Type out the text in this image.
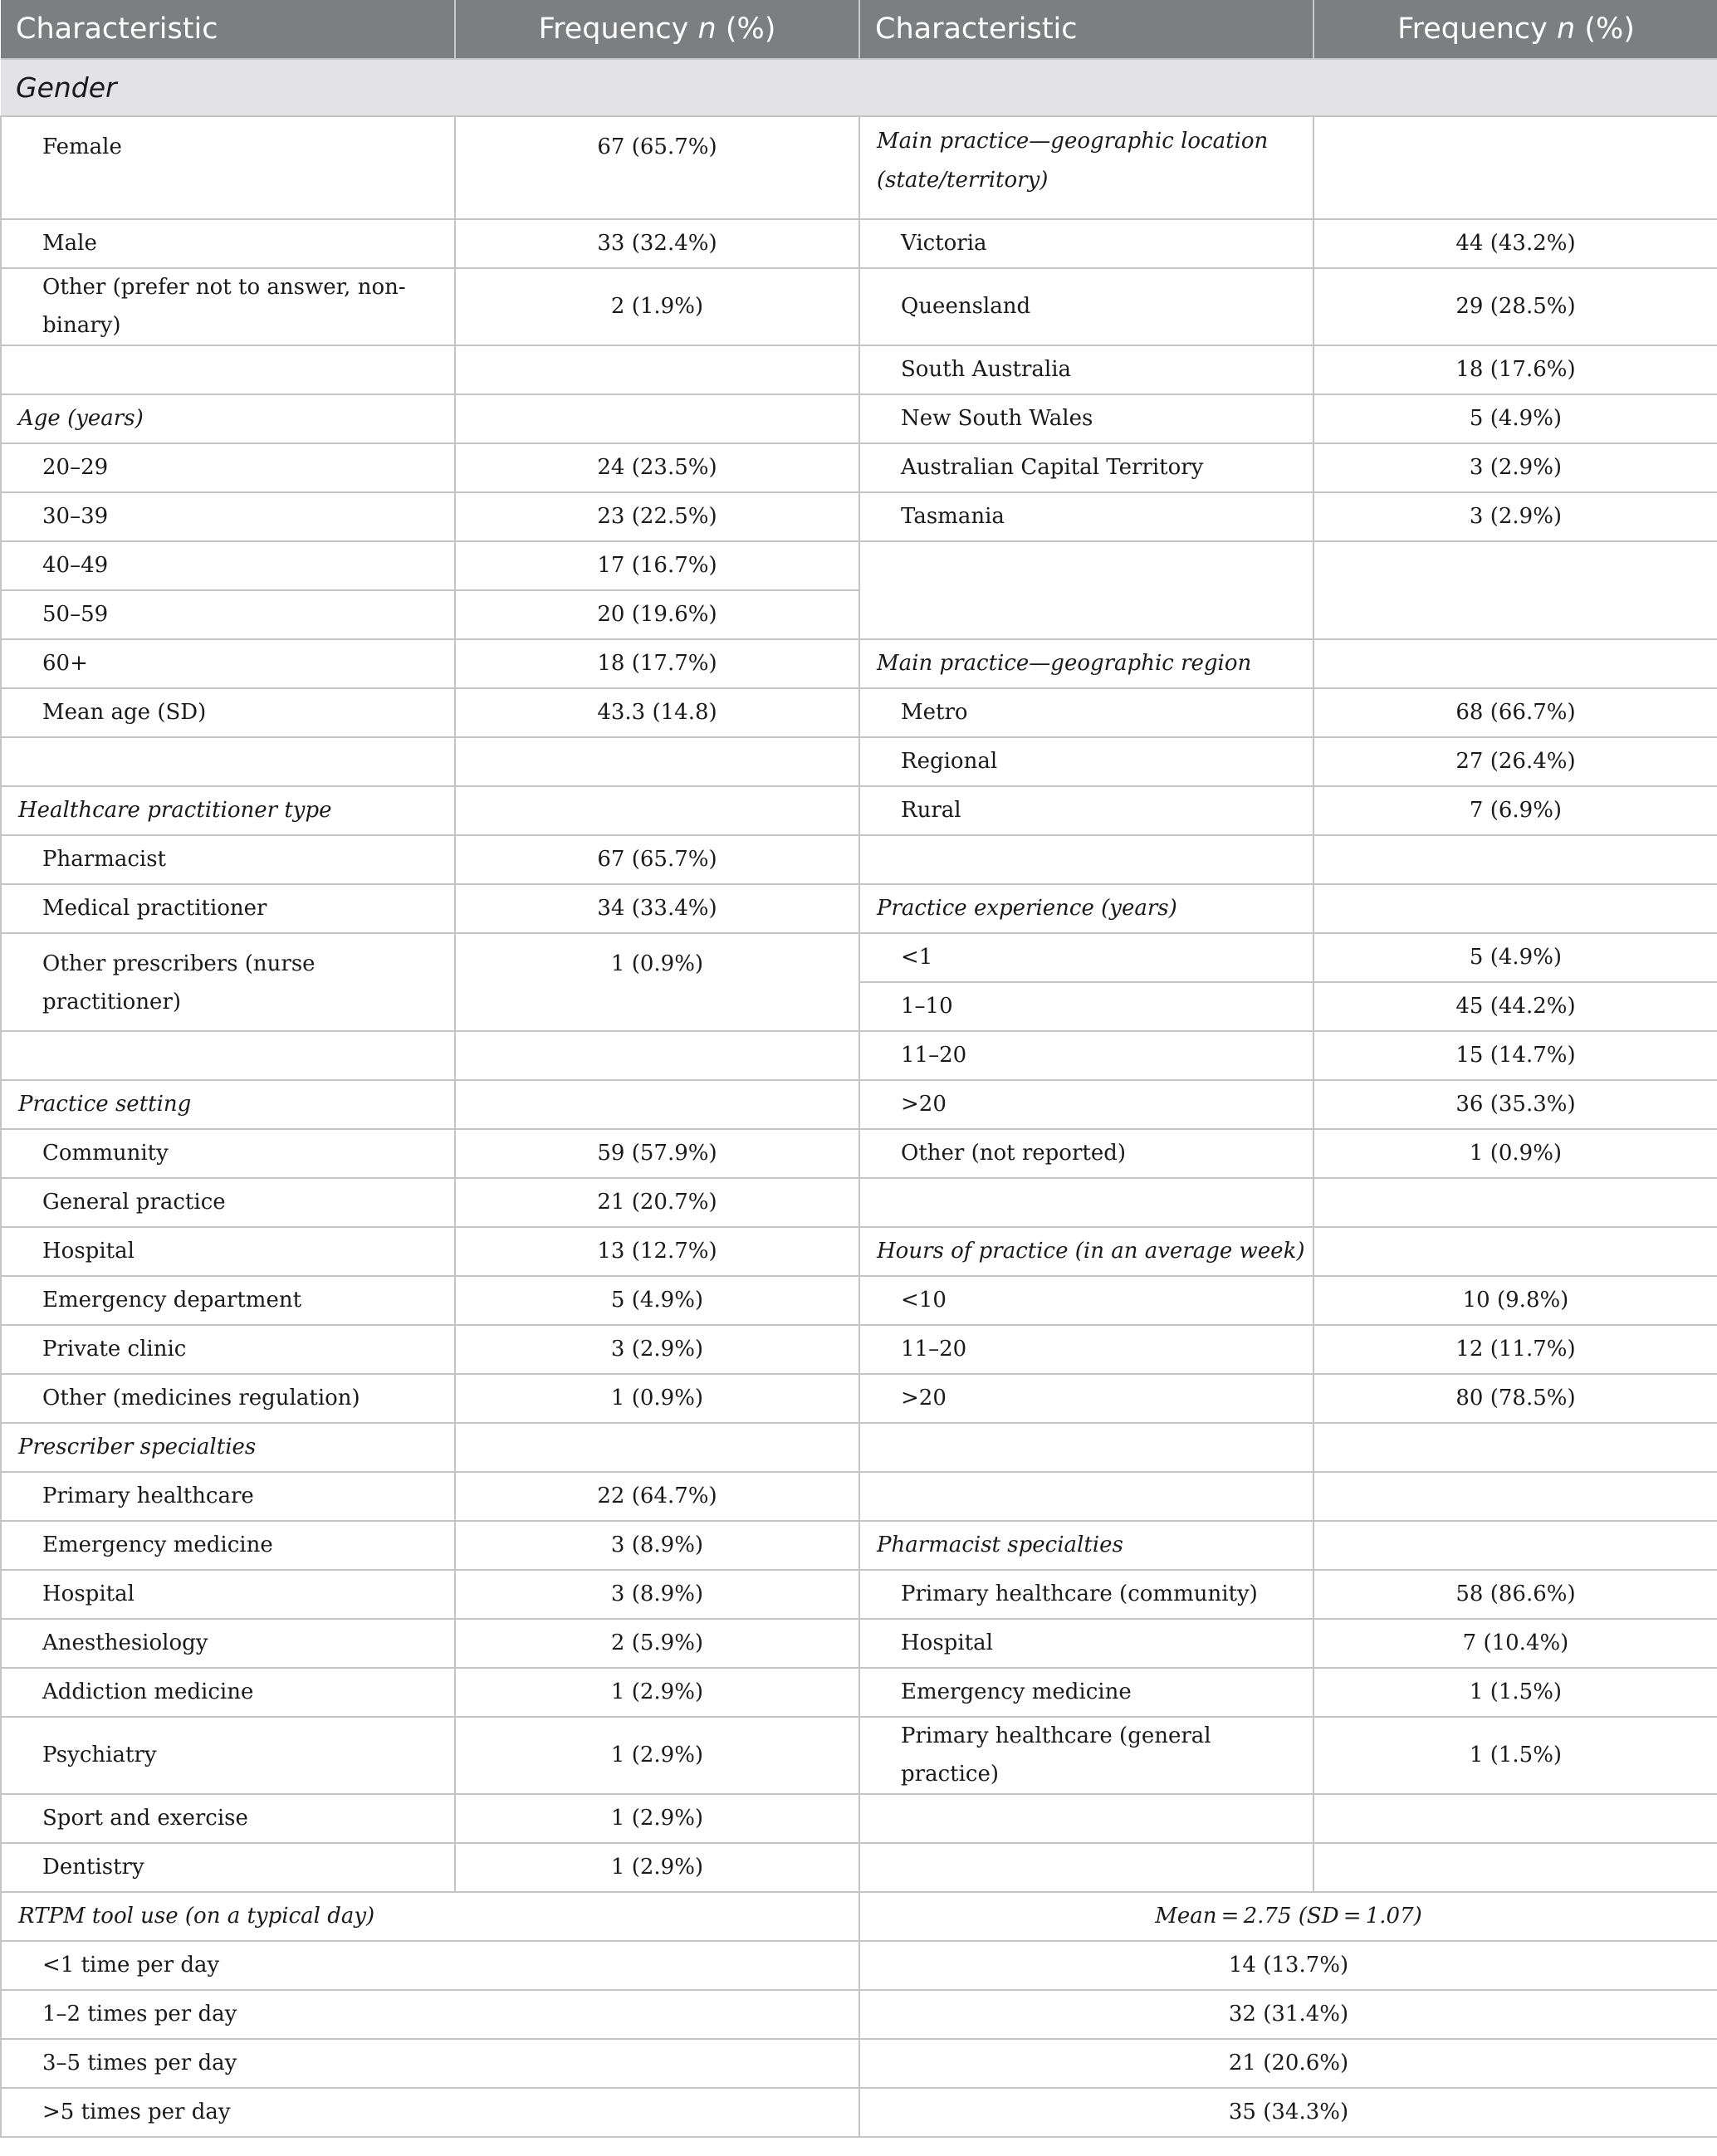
Characteristic	Frequency n (%)	Characteristic	Frequency n (%)
Gender			
Female	67 (65.7%)	Main practice—geographic location (state/territory)	
Male	33 (32.4%)	Victoria	44 (43.2%)
Other (prefer not to answer, non-binary)	2 (1.9%)	Queensland	29 (28.5%)
		South Australia	18 (17.6%)
Age (years)		New South Wales	5 (4.9%)
20–29	24 (23.5%)	Australian Capital Territory	3 (2.9%)
30–39	23 (22.5%)	Tasmania	3 (2.9%)
40–49	17 (16.7%)		
50–59	20 (19.6%)		
60+	18 (17.7%)	Main practice—geographic region	
Mean age (SD)	43.3 (14.8)	Metro	68 (66.7%)
		Regional	27 (26.4%)
Healthcare practitioner type		Rural	7 (6.9%)
Pharmacist	67 (65.7%)		
Medical practitioner	34 (33.4%)	Practice experience (years)	
Other prescribers (nurse practitioner)	1 (0.9%)	<1	5 (4.9%)
		1–10	45 (44.2%)
		11–20	15 (14.7%)
Practice setting		>20	36 (35.3%)
Community	59 (57.9%)	Other (not reported)	1 (0.9%)
General practice	21 (20.7%)		
Hospital	13 (12.7%)	Hours of practice (in an average week)	
Emergency department	5 (4.9%)	<10	10 (9.8%)
Private clinic	3 (2.9%)	11–20	12 (11.7%)
Other (medicines regulation)	1 (0.9%)	>20	80 (78.5%)
Prescriber specialties			
Primary healthcare	22 (64.7%)		
Emergency medicine	3 (8.9%)	Pharmacist specialties	
Hospital	3 (8.9%)	Primary healthcare (community)	58 (86.6%)
Anesthesiology	2 (5.9%)	Hospital	7 (10.4%)
Addiction medicine	1 (2.9%)	Emergency medicine	1 (1.5%)
Psychiatry	1 (2.9%)	Primary healthcare (general practice)	1 (1.5%)
Sport and exercise	1 (2.9%)		
Dentistry	1 (2.9%)		
RTPM tool use (on a typical day)		Mean = 2.75 (SD = 1.07)	
<1 time per day		14 (13.7%)	
1–2 times per day		32 (31.4%)	
3–5 times per day		21 (20.6%)	
>5 times per day		35 (34.3%)	
